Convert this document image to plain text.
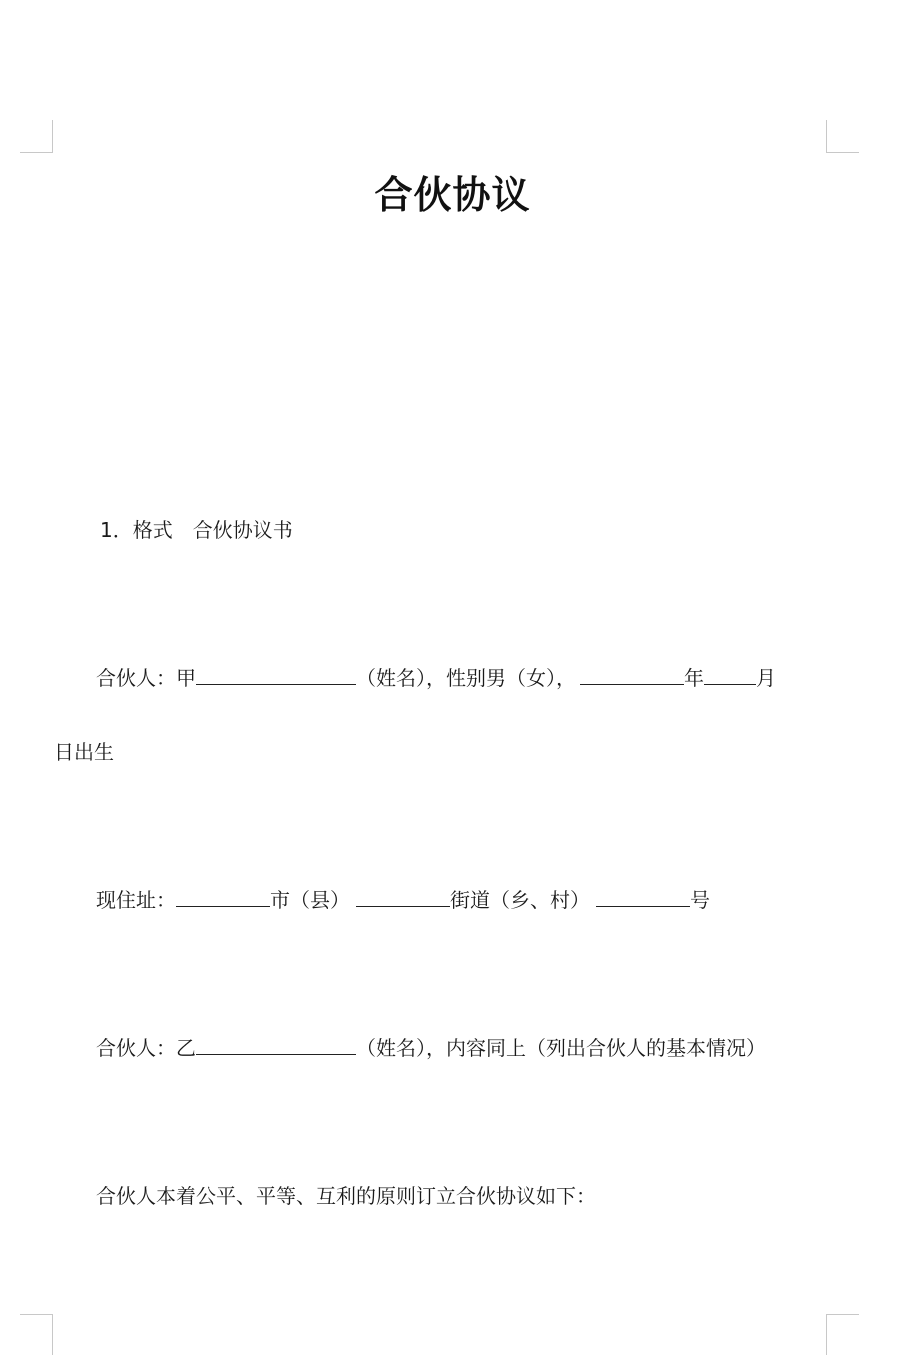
合伙协议
1．格式　合伙协议书
合伙人：甲	（姓名），性别男（女），	年	月
日出生
现住址：	市（县）	街道（乡、村）	号
合伙人：乙	（姓名），内容同上（列出合伙人的基本情况）
合伙人本着公平、平等、互利的原则订立合伙协议如下：
